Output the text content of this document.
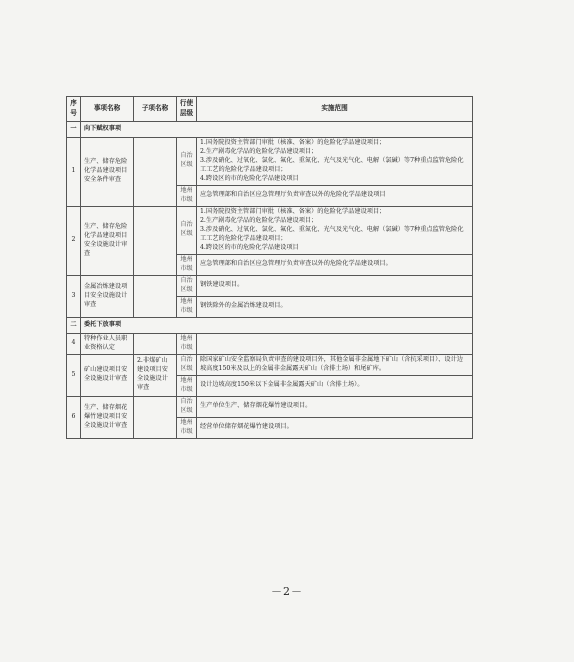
序号	事项名称	子项名称	行使层级	实施范围
一	向下赋权事项			
1	生产、储存危险化学品建设项目安全条件审查		自治区级	1.国务院投资主管部门审批（核准、备案）的危险化学品建设项目；
2.生产剧毒化学品的危险化学品建设项目；
3.涉及硝化、过氧化、氯化、氟化、重氮化、光气及光气化、电解（氯碱）等7种重点监管危险化工工艺的危险化学品建设项目；
4.跨设区的市的危险化学品建设项目

			地州市级	应急管理部和自治区应急管理厅负责审查以外的危险化学品建设项目

2	生产、储存危险化学品建设项目安全设施设计审查		自治区级	1.国务院投资主管部门审批（核准、备案）的危险化学品建设项目；
2.生产剧毒化学品的危险化学品建设项目；
3.涉及硝化、过氧化、氯化、氟化、重氮化、光气及光气化、电解（氯碱）等7种重点监管危险化工工艺的危险化学品建设项目；
4.跨设区的市的危险化学品建设项目

			地州市级	应急管理部和自治区应急管理厅负责审查以外的危险化学品建设项目。

3	金属冶炼建设项目安全设施设计审查		自治区级	钢铁建设项目。

			地州市级	钢铁除外的金属冶炼建设项目。

二	委托下放事项			
4	特种作业人员职业资格认定		地州市级	
5	矿山建设项目安全设施设计审查	2.非煤矿山建设项目安全设施设计审查	自治区级	除国家矿山安全监察局负责审查的建设项目外，其他金属非金属地下矿山（含抗采项目）、设计边坡高度150米及以上的金属非金属露天矿山（含排土场）和尾矿库。

			地州市级	设计边坡高度150米以下金属非金属露天矿山（含排土场）。

6	生产、储存烟花爆竹建设项目安全设施设计审查		自治区级	生产单位生产、储存烟花爆竹建设项目。

			地州市级	经营单位储存烟花爆竹建设项目。
－2－
